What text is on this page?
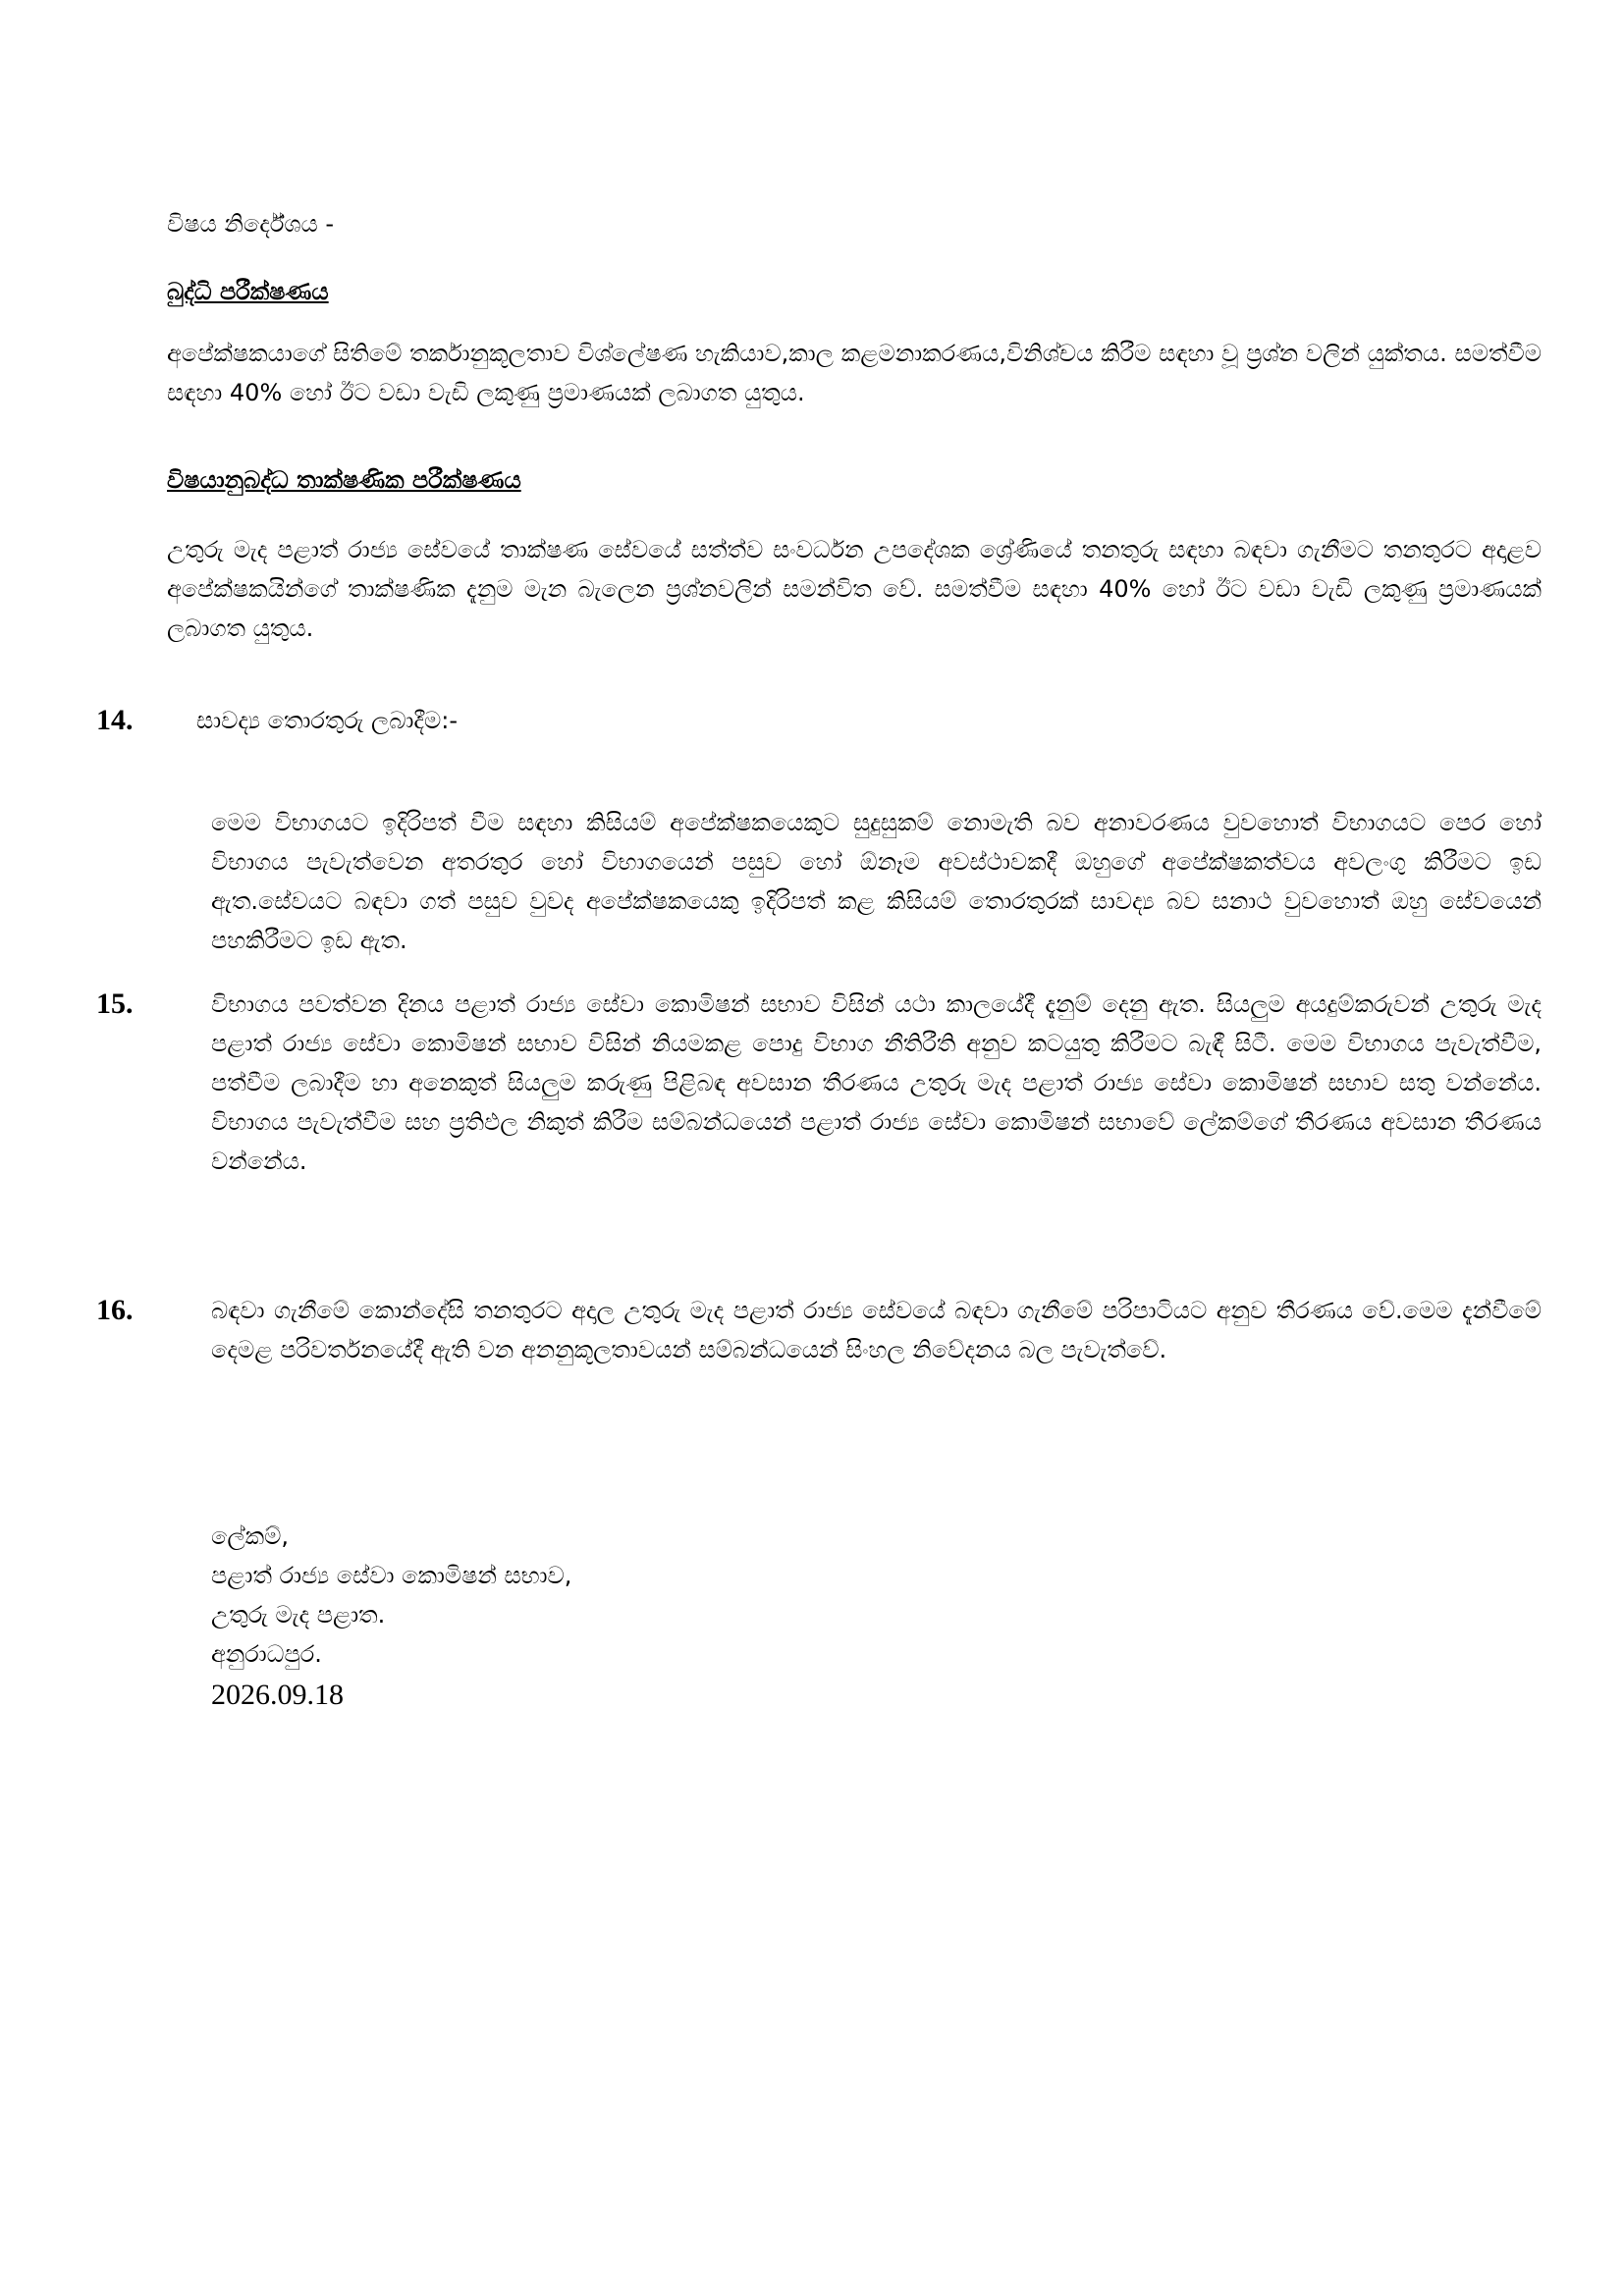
විෂය නිර්දේශය -
බුද්ධි පරීක්ෂණය
අපේක්ෂකයාගේ සිතිමේ තර්කානුකූලතාව විශ්ලේෂණ හැකියාව,කාල කළමනාකරණය,විනිශ්චය කිරීම සඳහා වූ ප්‍රශ්න වලින් යුක්තය. සමත්වීම සඳහා 40% හෝ ඊට වඩා වැඩි ලකුණු ප්‍රමාණයක් ලබාගත යුතුය.
විෂයානුබද්ධ තාක්ෂණික පරීක්ෂණය
උතුරු මැද පළාත් රාජ්‍ය සේවයේ තාක්ෂණ සේවයේ සත්ත්ව සංවර්ධන උපදේශක ශ්‍රේණියේ තනතුරු සඳහා බඳවා ගැනීමට තනතුරට අදාළව අපේක්ෂකයින්ගේ තාක්ෂණික දැනුම මැන බැලෙන ප්‍රශ්නවලින් සමන්විත වේ. සමත්වීම සඳහා 40% හෝ ඊට වඩා වැඩි ලකුණු ප්‍රමාණයක් ලබාගත යුතුය.
14.	සාවද්‍ය තොරතුරු ලබාදීම:-
මෙම විභාගයට ඉදිරිපත් වීම සඳහා කිසියම් අපේක්ෂකයෙකුට සුදුසුකම් නොමැති බව අනාවරණය වුවහොත් විභාගයට පෙර හෝ විභාගය පැවැත්වෙන අතරතුර හෝ විභාගයෙන් පසුව හෝ ඕනෑම අවස්ථාවකදී ඔහුගේ අපේක්ෂකත්වය අවලංගු කිරීමට ඉඩ ඇත.සේවයට බඳවා ගත් පසුව වුවද අපේක්ෂකයෙකු ඉදිරිපත් කළ කිසියම් තොරතුරක් සාවද්‍ය බව සනාථ වුවහොත් ඔහු සේවයෙන් පහකිරීමට ඉඩ ඇත.
15.	විභාගය පවත්වන දිනය පළාත් රාජ්‍ය සේවා කොමිෂන් සභාව විසින් යථා කාලයේදී දැනුම් දෙනු ඇත. සියලුම අයදුම්කරුවන් උතුරු මැද පළාත් රාජ්‍ය සේවා කොමිෂන් සභාව විසින් නියමකළ පොදු විභාග නීතිරීති අනුව කටයුතු කිරීමට බැඳී සිටී. මෙම විභාගය පැවැත්වීම, පත්වීම ලබාදීම හා අනෙකුත් සියලුම කරුණු පිළිබඳ අවසාන තීරණය උතුරු මැද පළාත් රාජ්‍ය සේවා කොමිෂන් සභාව සතු වන්නේය. විභාගය පැවැත්වීම සහ ප්‍රතිඵල නිකුත් කිරීම සම්බන්ධයෙන් පළාත් රාජ්‍ය සේවා කොමිෂන් සභාවේ ලේකම්ගේ තීරණය අවසාන තීරණය වන්නේය.
16.	බඳවා ගැනීමේ කොන්දේසි තනතුරට අදාල උතුරු මැද පළාත් රාජ්‍ය සේවයේ බඳවා ගැනීමේ පරිපාටියට අනුව තීරණය වේ.මෙම දැන්වීමේ දෙමළ පරිවර්තනයේදී ඇති වන අනනුකූලතාවයන් සම්බන්ධයෙන් සිංහල නිවේදනය බල පැවැත්වේ.
ලේකම්,
පළාත් රාජ්‍ය සේවා කොමිෂන් සභාව,
උතුරු මැද පළාත.
අනුරාධපුර.
2026.09.18
